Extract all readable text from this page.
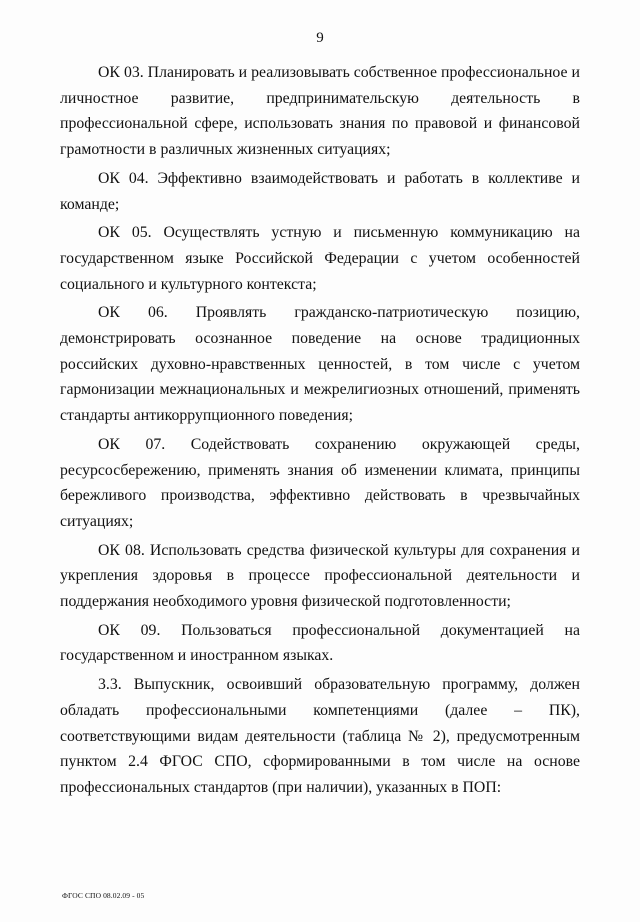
9

ОК 03. Планировать и реализовывать собственное профессиональное и личностное развитие, предпринимательскую деятельность в профессиональной сфере, использовать знания по правовой и финансовой грамотности в различных жизненных ситуациях;

ОК 04. Эффективно взаимодействовать и работать в коллективе и команде;

ОК 05. Осуществлять устную и письменную коммуникацию на государственном языке Российской Федерации с учетом особенностей социального и культурного контекста;

ОК 06. Проявлять гражданско-патриотическую позицию, демонстрировать осознанное поведение на основе традиционных российских духовно-нравственных ценностей, в том числе с учетом гармонизации межнациональных и межрелигиозных отношений, применять стандарты антикоррупционного поведения;

ОК 07. Содействовать сохранению окружающей среды, ресурсосбережению, применять знания об изменении климата, принципы бережливого производства, эффективно действовать в чрезвычайных ситуациях;

ОК 08. Использовать средства физической культуры для сохранения и укрепления здоровья в процессе профессиональной деятельности и поддержания необходимого уровня физической подготовленности;

ОК 09. Пользоваться профессиональной документацией на государственном и иностранном языках.

3.3. Выпускник, освоивший образовательную программу, должен обладать профессиональными компетенциями (далее – ПК), соответствующими видам деятельности (таблица № 2), предусмотренным пунктом 2.4 ФГОС СПО, сформированными в том числе на основе профессиональных стандартов (при наличии), указанных в ПОП:

ФГОС СПО 08.02.09 - 05
